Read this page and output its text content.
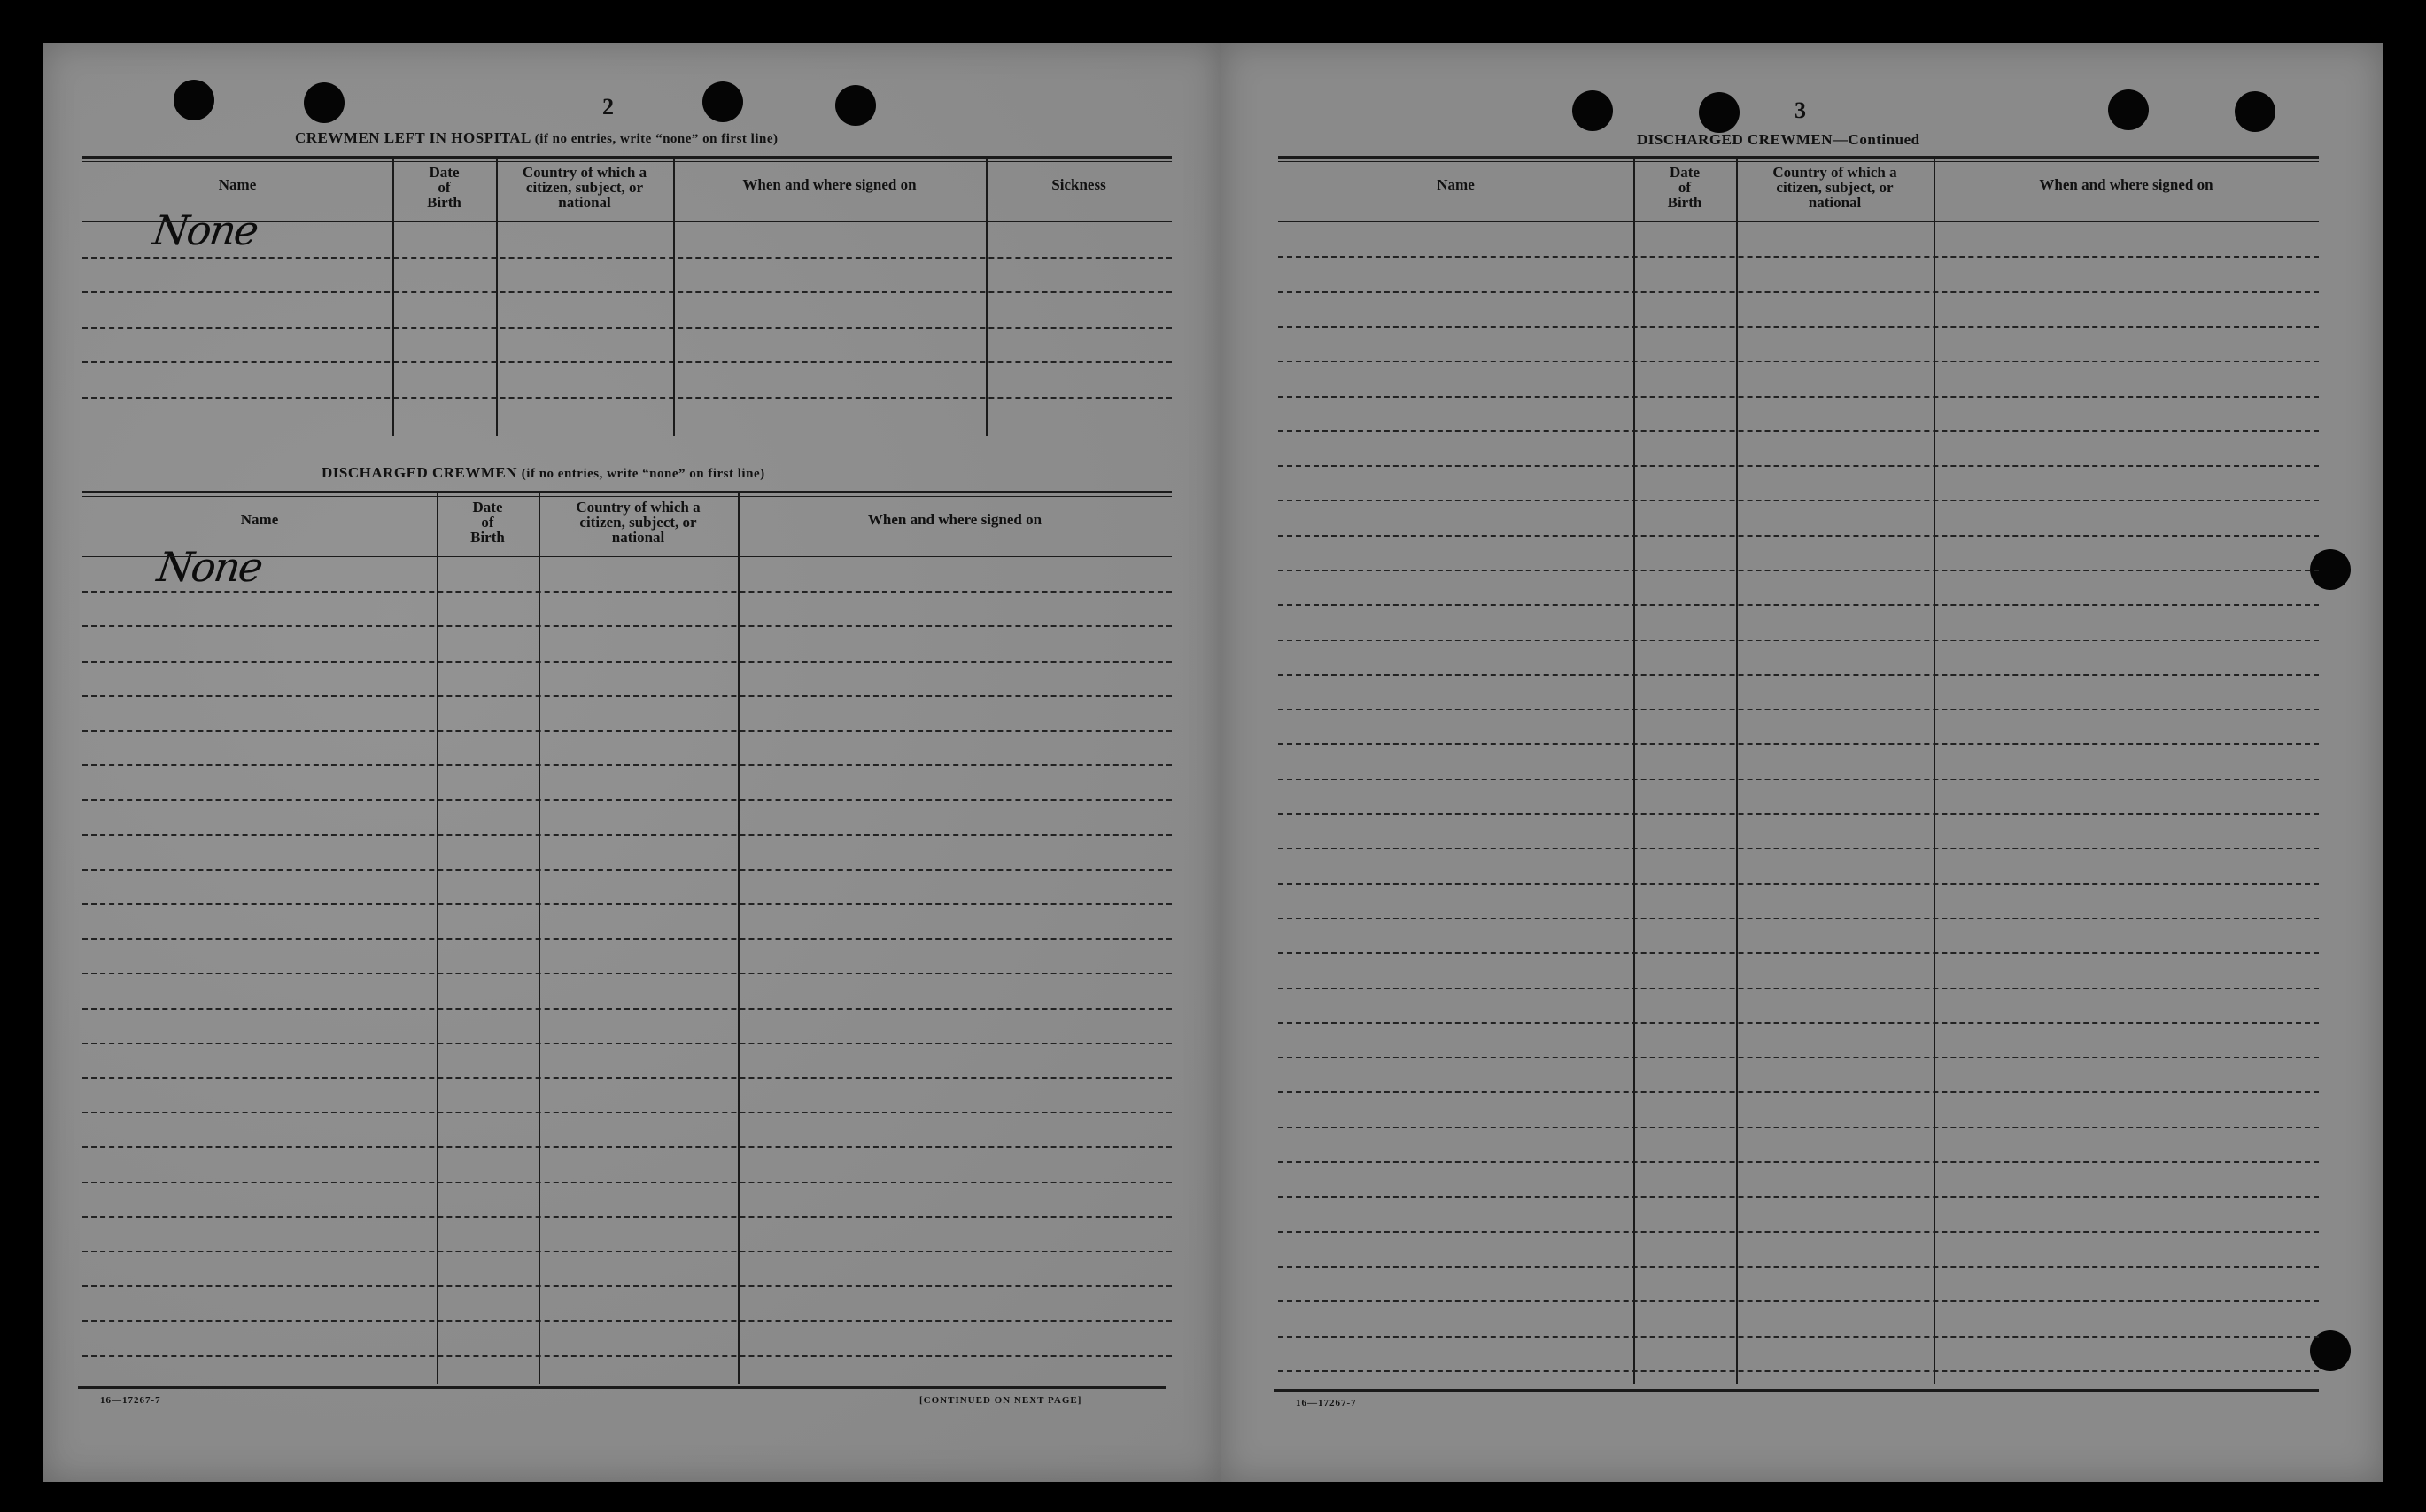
2
CREWMEN LEFT IN HOSPITAL (if no entries, write “none” on first line)
DISCHARGED CREWMEN (if no entries, write “none” on first line)
None
None
16—17267-7	[CONTINUED ON NEXT PAGE]
Name
Date
of
Birth
Country of which a
citizen, subject, or
national
When and where signed on	Sickness
Name
Date
of
Birth
Country of which a
citizen, subject, or
national
When and where signed on
3
DISCHARGED CREWMEN—Continued
16—17267-7
Name
Date
of
Birth
Country of which a
citizen, subject, or
national
When and where signed on
